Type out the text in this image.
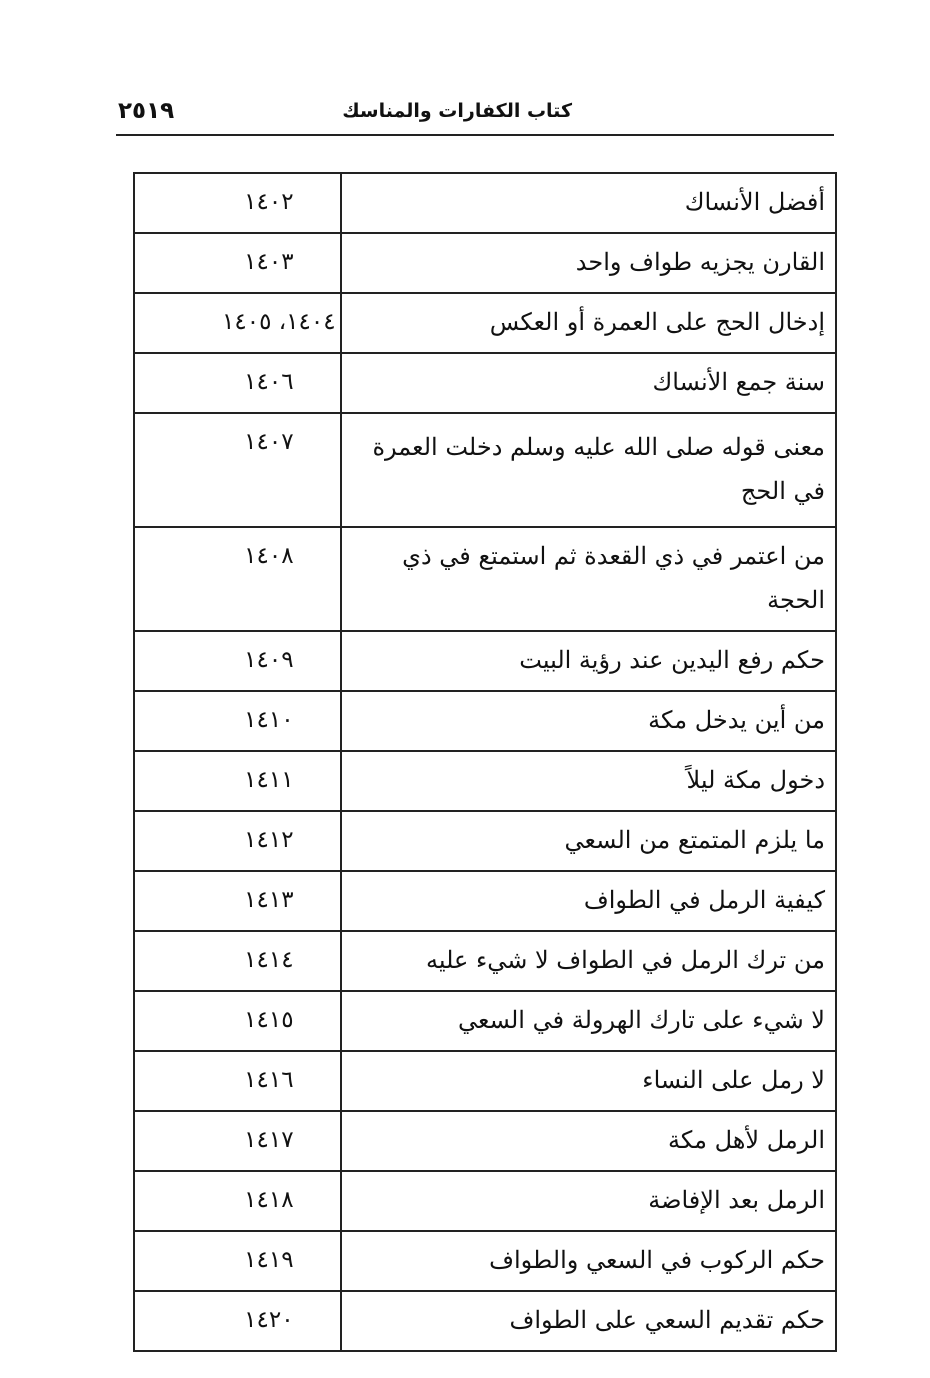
كتاب الكفارات والمناسك
٢٥١٩
أفضل الأنساك	١٤٠٢
القارن يجزيه طواف واحد	١٤٠٣
إدخال الحج على العمرة أو العكس	١٤٠٤، ١٤٠٥
سنة جمع الأنساك	١٤٠٦
معنى قوله صلى الله عليه وسلم دخلت العمرة في الحج	١٤٠٧
من اعتمر في ذي القعدة ثم استمتع في ذي الحجة	١٤٠٨
حكم رفع اليدين عند رؤية البيت	١٤٠٩
من أين يدخل مكة	١٤١٠
دخول مكة ليلاً	١٤١١
ما يلزم المتمتع من السعي	١٤١٢
كيفية الرمل في الطواف	١٤١٣
من ترك الرمل في الطواف لا شيء عليه	١٤١٤
لا شيء على تارك الهرولة في السعي	١٤١٥
لا رمل على النساء	١٤١٦
الرمل لأهل مكة	١٤١٧
الرمل بعد الإفاضة	١٤١٨
حكم الركوب في السعي والطواف	١٤١٩
حكم تقديم السعي على الطواف	١٤٢٠
